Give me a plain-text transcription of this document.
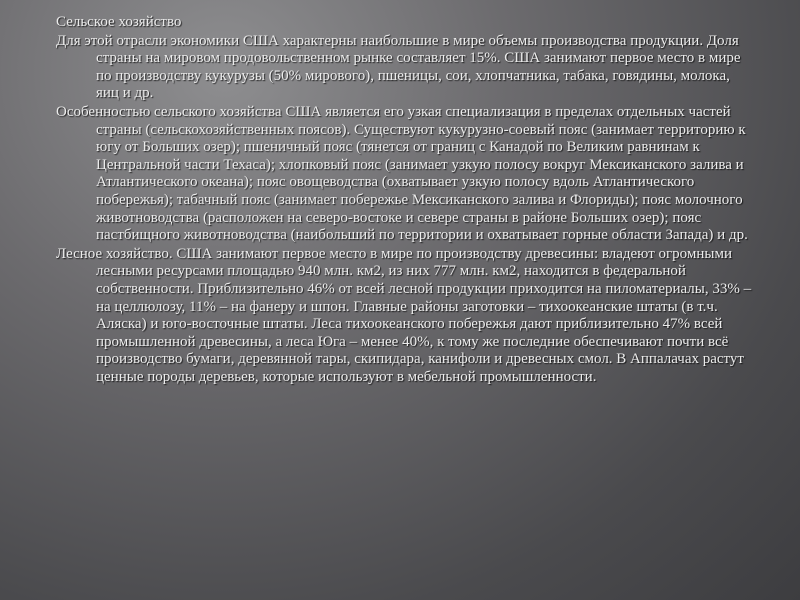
Сельское хозяйство

Для этой отрасли экономики США характерны наибольшие в мире объемы производства продукции. Доля страны на мировом продовольственном рынке составляет 15%. США занимают первое место в мире по производству кукурузы (50% мирового), пшеницы, сои, хлопчатника, табака, говядины, молока, яиц и др.

Особенностью сельского хозяйства США является его узкая специализация в пределах отдельных частей страны (сельскохозяйственных поясов). Существуют кукурузно-соевый пояс (занимает территорию к югу от Больших озер); пшеничный пояс (тянется от границ с Канадой по Великим равнинам к Центральной части Техаса); хлопковый пояс (занимает узкую полосу вокруг Мексиканского залива и Атлантического океана); пояс овощеводства (охватывает узкую полосу вдоль Атлантического побережья); табачный пояс (занимает побережье Мексиканского залива и Флориды); пояс молочного животноводства (расположен на северо-востоке и севере страны в районе Больших озер); пояс пастбищного животноводства (наибольший по территории и охватывает горные области Запада) и др.

Лесное хозяйство. США занимают первое место в мире по производству древесины: владеют огромными лесными ресурсами площадью 940 млн. км2, из них 777 млн. км2, находится в федеральной собственности. Приблизительно 46% от всей лесной продукции приходится на пиломатериалы, 33% – на целлюлозу, 11% – на фанеру и шпон. Главные районы заготовки – тихоокеанские штаты (в т.ч. Аляска) и юго-восточные штаты. Леса тихоокеанского побережья дают приблизительно 47% всей промышленной древесины, а леса Юга – менее 40%, к тому же последние обеспечивают почти всё производство бумаги, деревянной тары, скипидара, канифоли и древесных смол. В Аппалачах растут ценные породы деревьев, которые используют в мебельной промышленности.
